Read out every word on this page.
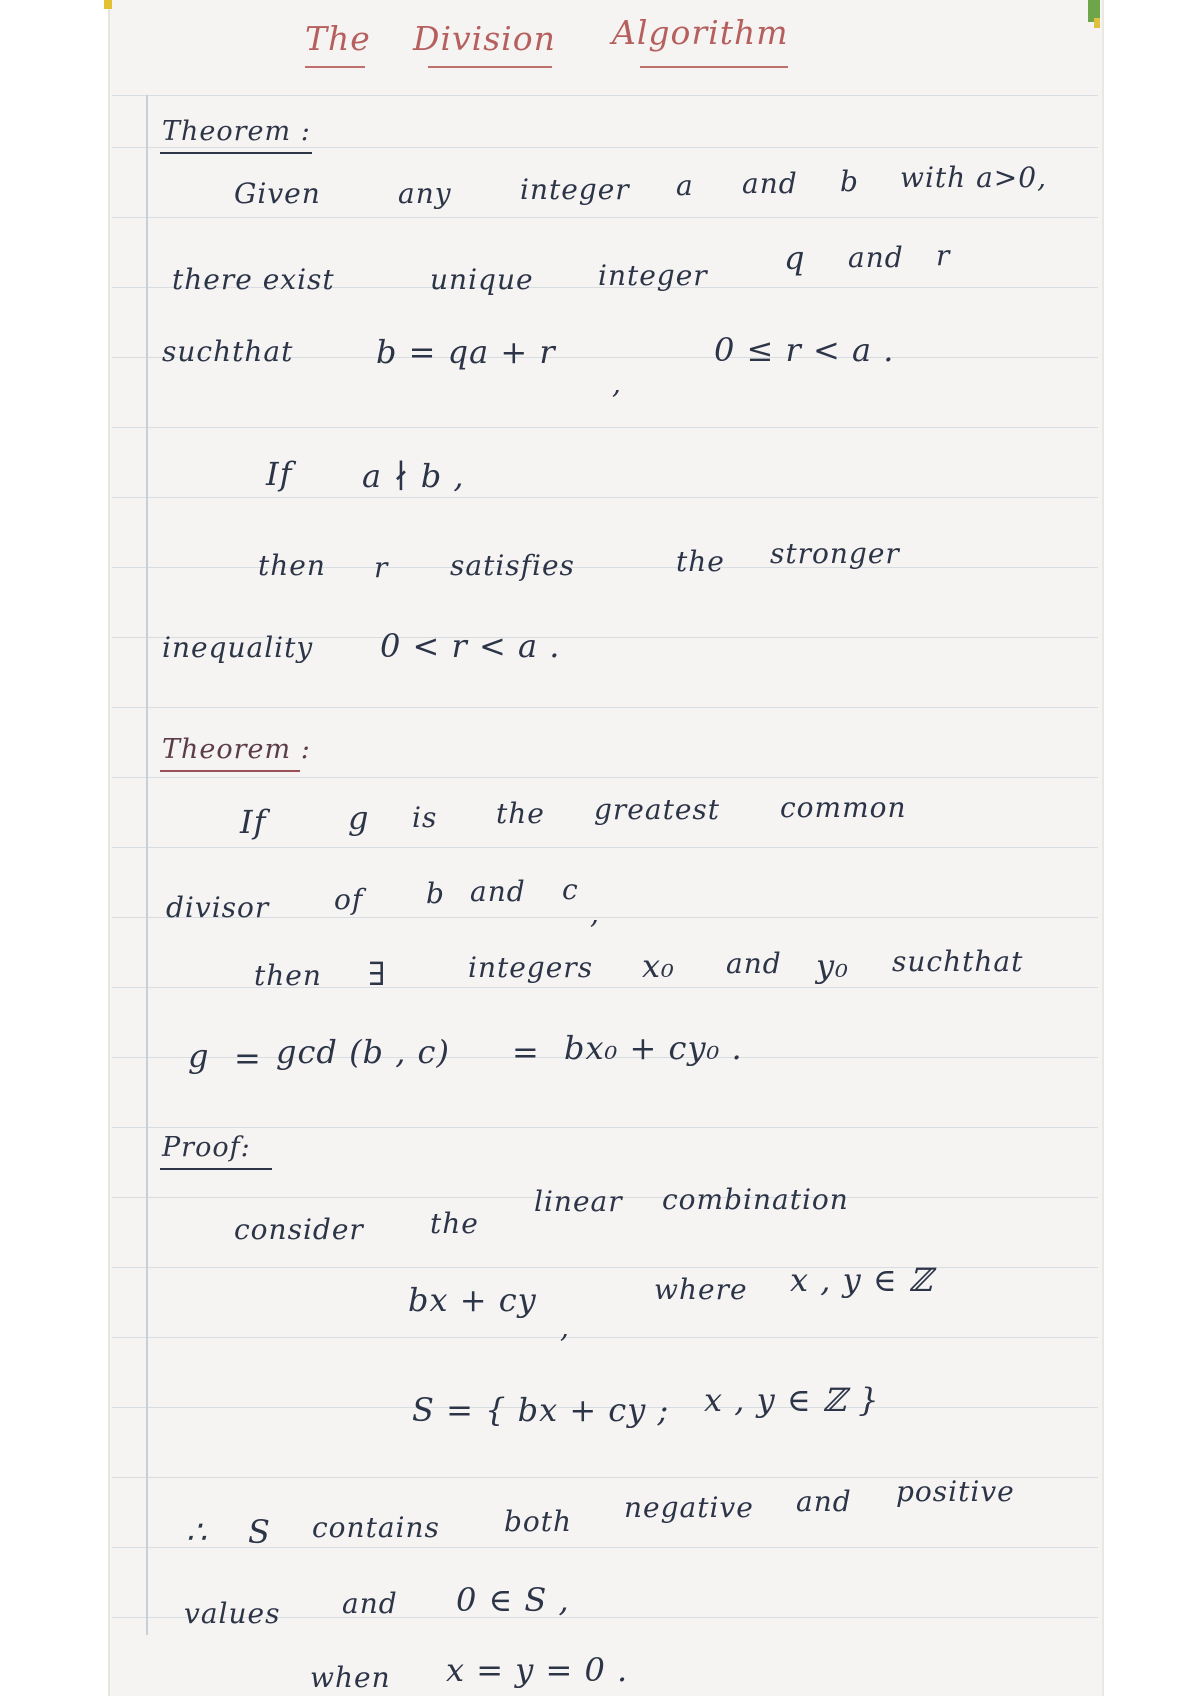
The Division Algorithm
Theorem :
Given	any integer a and b with a>0,
there exist	unique integer q and r
suchthat	b = qa + r
,
0 ≤ r < a .
If a ∤ b ,
then r satisfies	the stronger
inequality 0 < r < a .
Theorem :
If	g is the greatest common
divisor of b and c
,
then ∃	integers x₀ and y₀ suchthat
g = gcd (b , c) = bx₀ + cy₀ .
Proof:
consider the
linear combination
bx + cy
,
where x , y ∈ ℤ
S = { bx + cy ; x , y ∈ ℤ }
∴ S contains both negative and positive
values and 0 ∈ S ,
when x = y = 0 .
